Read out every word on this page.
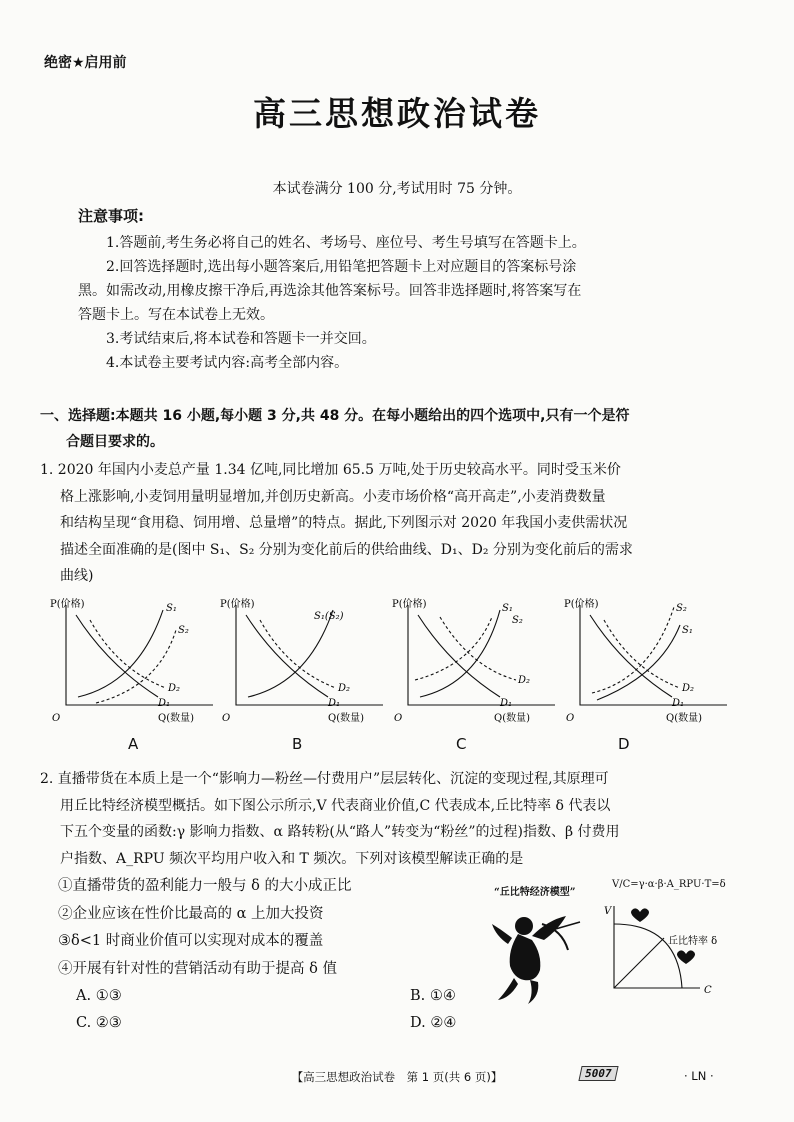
绝密★启用前
高三思想政治试卷
本试卷满分 100 分,考试用时 75 分钟。
注意事项:

1.答题前,考生务必将自己的姓名、考场号、座位号、考生号填写在答题卡上。

2.回答选择题时,选出每小题答案后,用铅笔把答题卡上对应题目的答案标号涂

黑。如需改动,用橡皮擦干净后,再选涂其他答案标号。回答非选择题时,将答案写在

答题卡上。写在本试卷上无效。

3.考试结束后,将本试卷和答题卡一并交回。

4.本试卷主要考试内容:高考全部内容。

一、选择题:本题共 16 小题,每小题 3 分,共 48 分。在每小题给出的四个选项中,只有一个是符
合题目要求的。
1. 2020 年国内小麦总产量 1.34 亿吨,同比增加 65.5 万吨,处于历史较高水平。同时受玉米价
格上涨影响,小麦饲用量明显增加,并创历史新高。小麦市场价格“高开高走”,小麦消费数量
和结构呈现“食用稳、饲用增、总量增”的特点。据此,下列图示对 2020 年我国小麦供需状况
描述全面准确的是(图中 S₁、S₂ 分别为变化前后的供给曲线、D₁、D₂ 分别为变化前后的需求
曲线)
P(价格)
Q(数量)
O
S₁
S₂
D₂
D₁
P(价格)
Q(数量)
O
S₁(S₂)
D₂
D₁
P(价格)
Q(数量)
O
S₁
S₂
D₂
D₁
P(价格)
Q(数量)
O
S₂
S₁
D₂
D₁
A	B	C	D
2. 直播带货在本质上是一个“影响力—粉丝—付费用户”层层转化、沉淀的变现过程,其原理可
用丘比特经济模型概括。如下图公示所示,V 代表商业价值,C 代表成本,丘比特率 δ 代表以
下五个变量的函数:γ 影响力指数、α 路转粉(从“路人”转变为“粉丝”的过程)指数、β 付费用
户指数、A_RPU 频次平均用户收入和 T 频次。下列对该模型解读正确的是
①直播带货的盈利能力一般与 δ 的大小成正比
②企业应该在性价比最高的 α 上加大投资
③δ<1 时商业价值可以实现对成本的覆盖
④开展有针对性的营销活动有助于提高 δ 值
A. ①③	B. ①④
C. ②③	D. ②④
“丘比特经济模型”
V/C=γ·α·β·A_RPU·T=δ
V
C
丘比特率 δ
【高三思想政治试卷　第 1 页(共 6 页)】	5007	· LN ·
